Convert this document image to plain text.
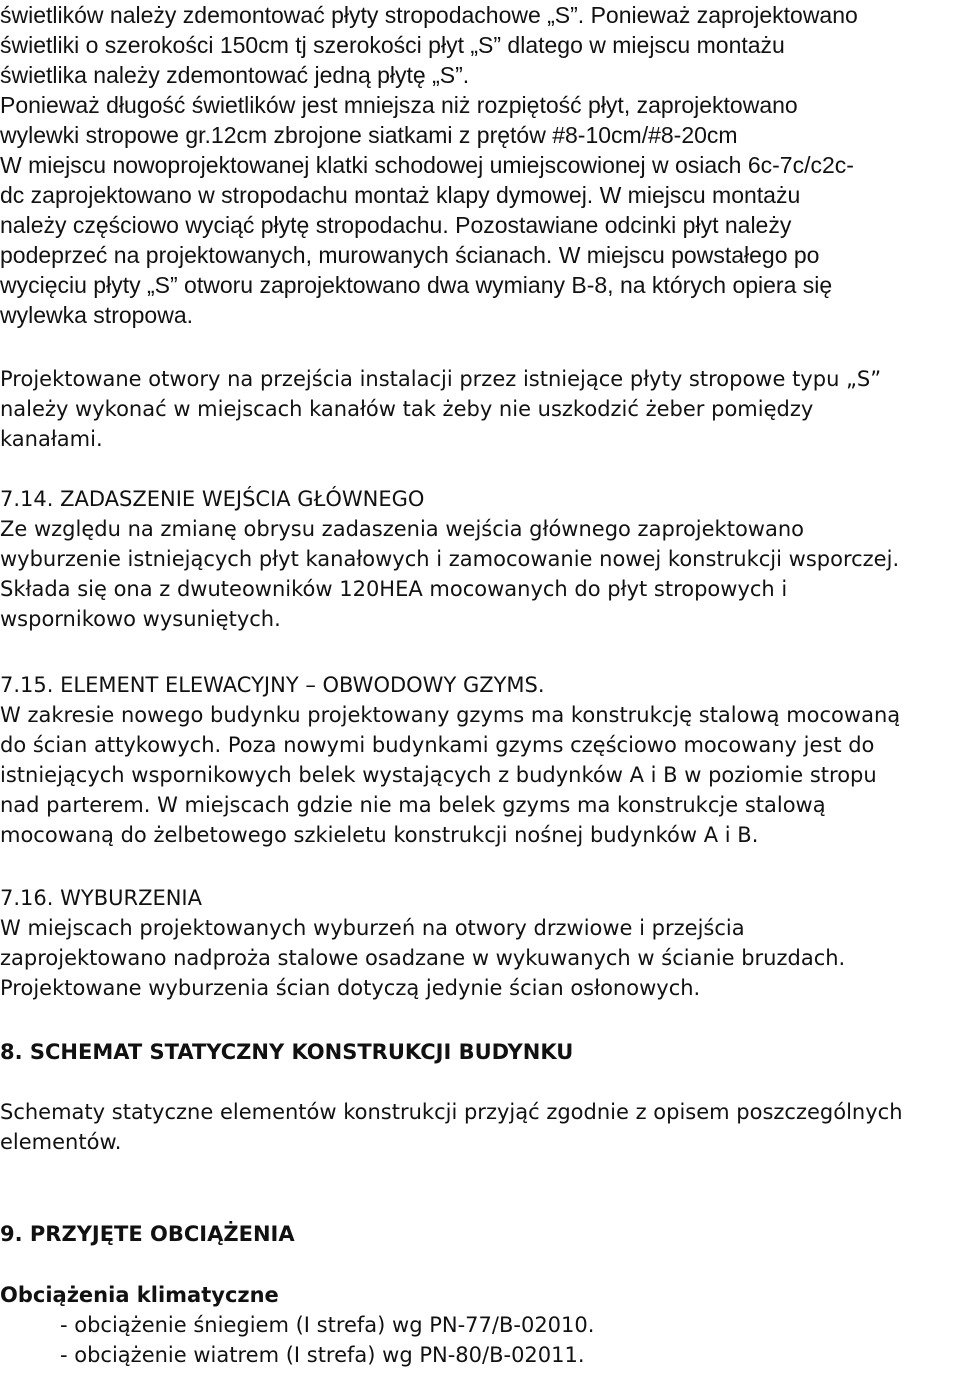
świetlików należy zdemontować płyty stropodachowe „S”. Ponieważ zaprojektowano
świetliki o szerokości 150cm tj szerokości płyt „S” dlatego w miejscu montażu
świetlika należy zdemontować jedną płytę „S”.
Ponieważ długość świetlików jest mniejsza niż rozpiętość płyt, zaprojektowano
wylewki stropowe gr.12cm zbrojone siatkami z prętów #8-10cm/#8-20cm
W miejscu nowoprojektowanej klatki schodowej umiejscowionej w osiach 6c-7c/c2c-
dc zaprojektowano w stropodachu montaż klapy dymowej. W miejscu montażu
należy częściowo wyciąć płytę stropodachu. Pozostawiane odcinki płyt należy
podeprzeć na projektowanych, murowanych ścianach. W miejscu powstałego po
wycięciu płyty „S” otworu zaprojektowano dwa wymiany B-8, na których opiera się
wylewka stropowa.
Projektowane otwory na przejścia instalacji przez istniejące płyty stropowe typu „S”
należy wykonać w miejscach kanałów tak żeby nie uszkodzić żeber pomiędzy
kanałami.
7.14. ZADASZENIE WEJŚCIA GŁÓWNEGO
Ze względu na zmianę obrysu zadaszenia wejścia głównego zaprojektowano
wyburzenie istniejących płyt kanałowych i zamocowanie nowej konstrukcji wsporczej.
Składa się ona z dwuteowników 120HEA mocowanych do płyt stropowych i
wspornikowo wysuniętych.
7.15. ELEMENT ELEWACYJNY – OBWODOWY GZYMS.
W zakresie nowego budynku projektowany gzyms ma konstrukcję stalową mocowaną
do ścian attykowych. Poza nowymi budynkami gzyms częściowo mocowany jest do
istniejących wspornikowych belek wystających z budynków A i B w poziomie stropu
nad parterem. W miejscach gdzie nie ma belek gzyms ma konstrukcje stalową
mocowaną do żelbetowego szkieletu konstrukcji nośnej budynków A i B.
7.16. WYBURZENIA
W miejscach projektowanych wyburzeń na otwory drzwiowe i przejścia
zaprojektowano nadproża stalowe osadzane w wykuwanych w ścianie bruzdach.
Projektowane wyburzenia ścian dotyczą jedynie ścian osłonowych.
8. SCHEMAT STATYCZNY KONSTRUKCJI BUDYNKU
Schematy statyczne elementów konstrukcji przyjąć zgodnie z opisem poszczególnych
elementów.
9. PRZYJĘTE OBCIĄŻENIA
Obciążenia klimatyczne
- obciążenie śniegiem (I strefa) wg PN-77/B-02010.
- obciążenie wiatrem (I strefa) wg PN-80/B-02011.
